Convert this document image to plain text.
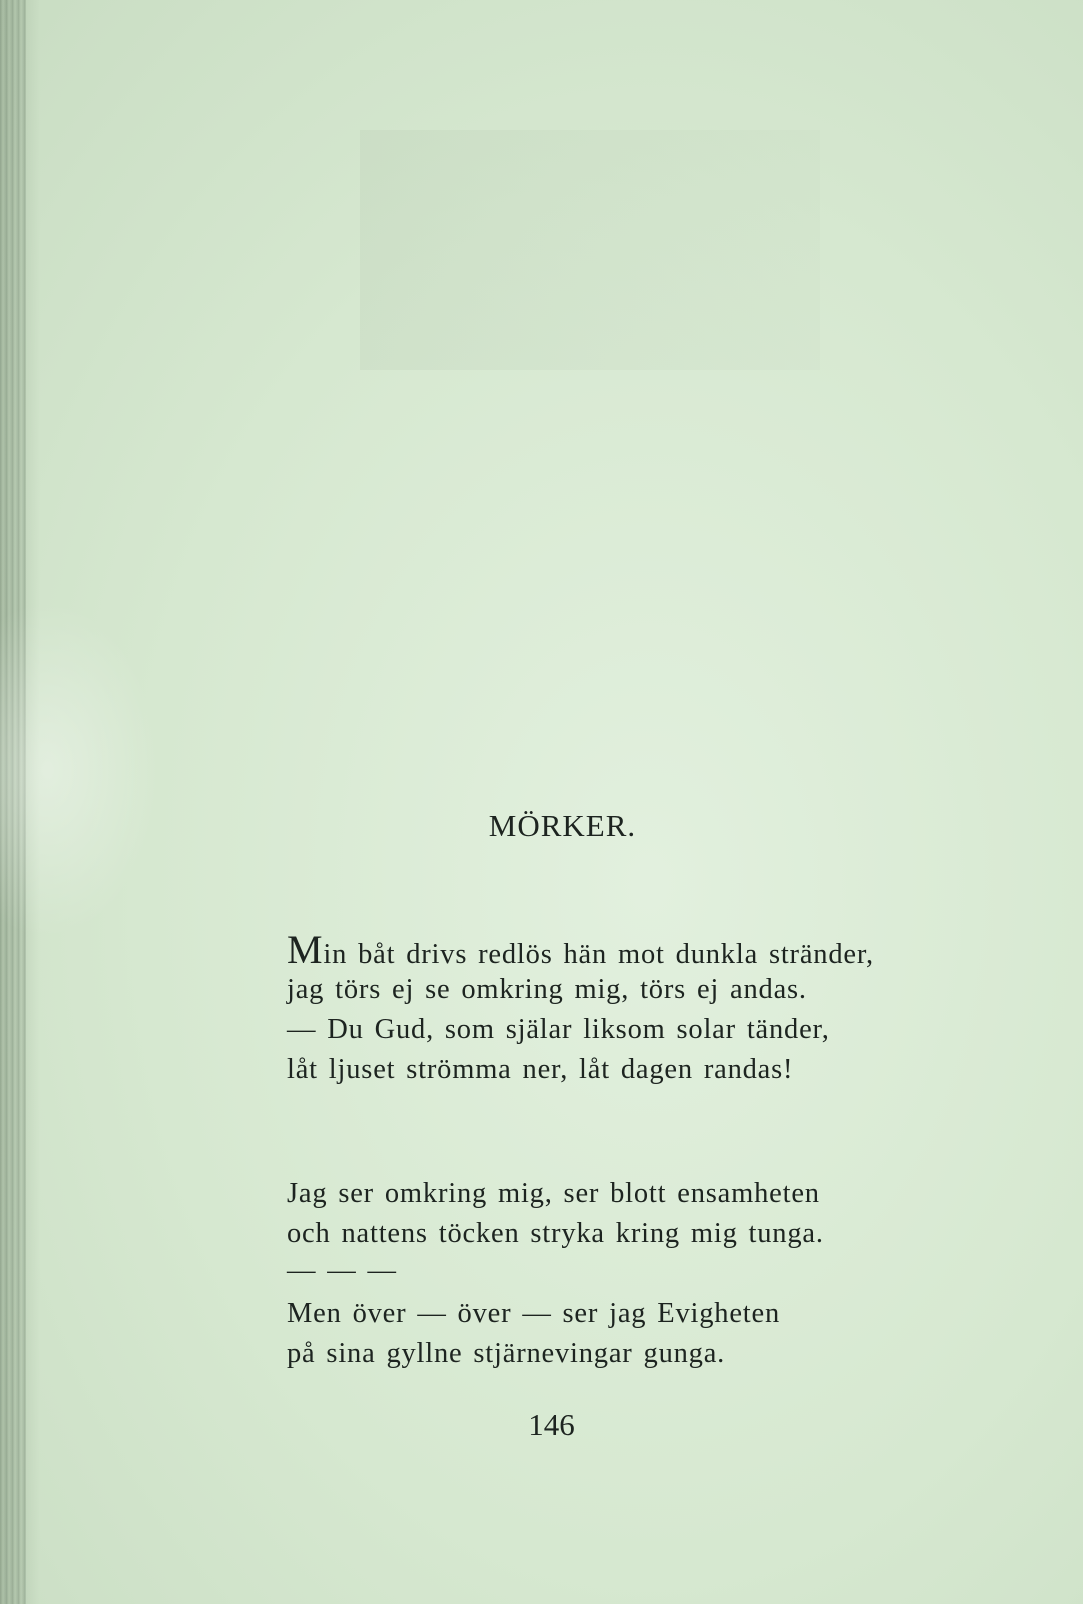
MÖRKER.
Min båt drivs redlös hän mot dunkla stränder,
jag törs ej se omkring mig, törs ej andas.
— Du Gud, som själar liksom solar tänder,
låt ljuset strömma ner, låt dagen randas!
Jag ser omkring mig, ser blott ensamheten
och nattens töcken stryka kring mig tunga.
— — —
Men över — över — ser jag Evigheten
på sina gyllne stjärnevingar gunga.
146
